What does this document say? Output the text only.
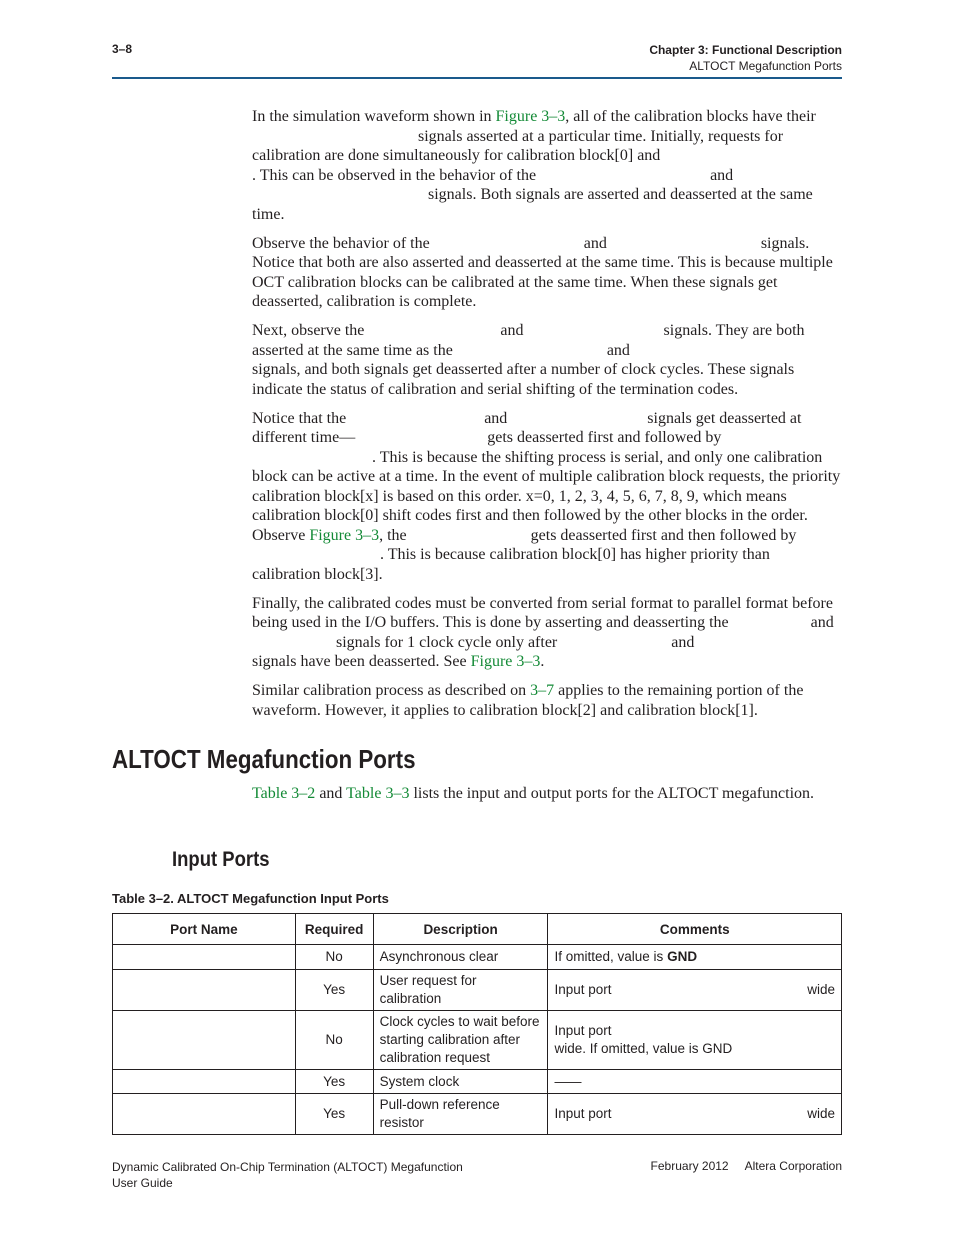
3–8	Chapter 3: Functional Description
ALTOCT Megafunction Ports

In the simulation waveform shown in Figure 3–3, all of the calibration blocks have theirsignals asserted at a particular time. Initially, requests for calibration are done simultaneously for calibration block[0] and . This can be observed in the behavior of the	and signals. Both signals are asserted and deasserted at the same time.

Observe the behavior of the	and	signals. Notice that both are also asserted and deasserted at the same time. This is because multiple OCT calibration blocks can be calibrated at the same time. When these signals get deasserted, calibration is complete.

Next, observe the	and	signals. They are both asserted at the same time as the	and signals, and both signals get deasserted after a number of clock cycles. These signals indicate the status of calibration and serial shifting of the termination codes.

Notice that the	and	signals get deasserted at different time—	gets deasserted first and followed by . This is because the shifting process is serial, and only one calibration block can be active at a time. In the event of multiple calibration block requests, the priority calibration block[x] is based on this order. x=0, 1, 2, 3, 4, 5, 6, 7, 8, 9, which means calibration block[0] shift codes first and then followed by the other blocks in the order. Observe Figure 3–3, the	gets deasserted first and then followed by . This is because calibration block[0] has higher priority than calibration block[3].

Finally, the calibrated codes must be converted from serial format to parallel format before being used in the I/O buffers. This is done by asserting and deasserting the	and signals for 1 clock cycle only after	and signals have been deasserted. See Figure 3–3.

Similar calibration process as described on 3–7 applies to the remaining portion of the waveform. However, it applies to calibration block[2] and calibration block[1].

ALTOCT Megafunction Ports

Table 3–2 and Table 3–3 lists the input and output ports for the ALTOCT megafunction.

Input Ports
Table 3–2. ALTOCT Megafunction Input Ports
Port Name	Required	Description	Comments
	No	Asynchronous clear	If omitted, value is GND
	Yes	User request for calibration	Input port wide

	No	Clock cycles to wait before starting calibration after calibration request	Input port
wide. If omitted, value is GND

	Yes	System clock	——
	Yes	Pull-down reference resistor	Input port wide
Dynamic Calibrated On-Chip Termination (ALTOCT) Megafunction
User Guide
February 2012 Altera Corporation
